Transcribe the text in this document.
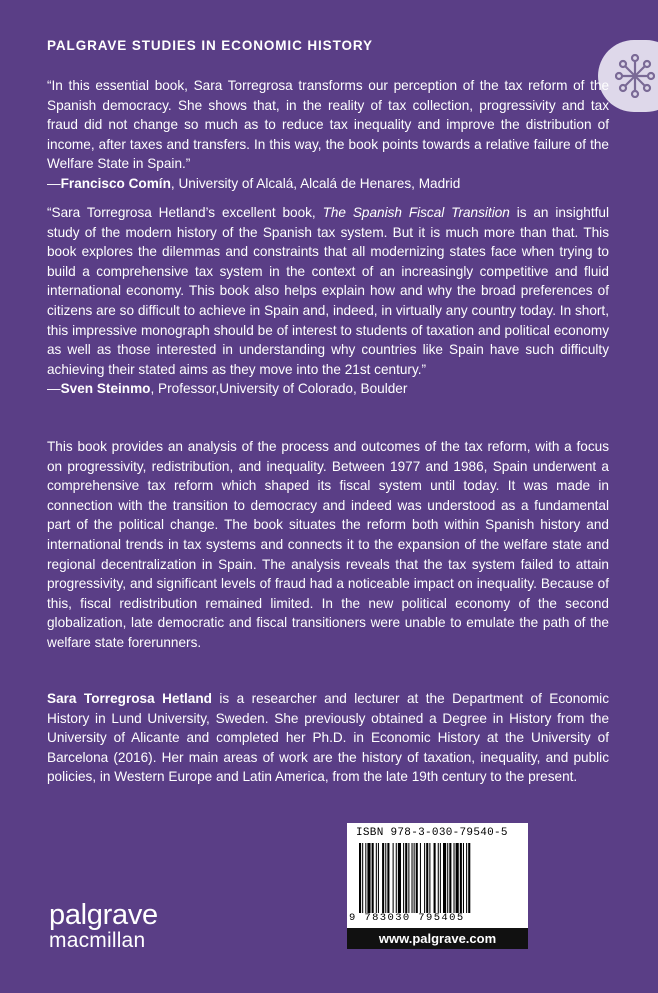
PALGRAVE STUDIES IN ECONOMIC HISTORY
“In this essential book, Sara Torregrosa transforms our perception of the tax reform of the Spanish democracy. She shows that, in the reality of tax collection, progressivity and tax fraud did not change so much as to reduce tax inequality and improve the distribution of income, after taxes and transfers. In this way, the book points towards a relative failure of the Welfare State in Spain.”
—Francisco Comín, University of Alcalá, Alcalá de Henares, Madrid
“Sara Torregrosa Hetland’s excellent book, The Spanish Fiscal Transition is an insightful study of the modern history of the Spanish tax system. But it is much more than that. This book explores the dilemmas and constraints that all modernizing states face when trying to build a comprehensive tax system in the context of an increasingly competitive and fluid international economy. This book also helps explain how and why the broad preferences of citizens are so difficult to achieve in Spain and, indeed, in virtually any country today. In short, this impressive monograph should be of interest to students of taxation and political economy as well as those interested in understanding why countries like Spain have such difficulty achieving their stated aims as they move into the 21st century.”
—Sven Steinmo, Professor,University of Colorado, Boulder
This book provides an analysis of the process and outcomes of the tax reform, with a focus on progressivity, redistribution, and inequality. Between 1977 and 1986, Spain underwent a comprehensive tax reform which shaped its fiscal system until today. It was made in connection with the transition to democracy and indeed was understood as a fundamental part of the political change. The book situates the reform both within Spanish history and international trends in tax systems and connects it to the expansion of the welfare state and regional decentralization in Spain. The analysis reveals that the tax system failed to attain progressivity, and significant levels of fraud had a noticeable impact on inequality. Because of this, fiscal redistribution remained limited. In the new political economy of the second globalization, late democratic and fiscal transitioners were unable to emulate the path of the welfare state forerunners.
Sara Torregrosa Hetland is a researcher and lecturer at the Department of Economic History in Lund University, Sweden. She previously obtained a Degree in History from the University of Alicante and completed her Ph.D. in Economic History at the University of Barcelona (2016). Her main areas of work are the history of taxation, inequality, and public policies, in Western Europe and Latin America, from the late 19th century to the present.
palgrave
macmillan
ISBN 978-3-030-79540-5
9 783030 795405
www.palgrave.com
